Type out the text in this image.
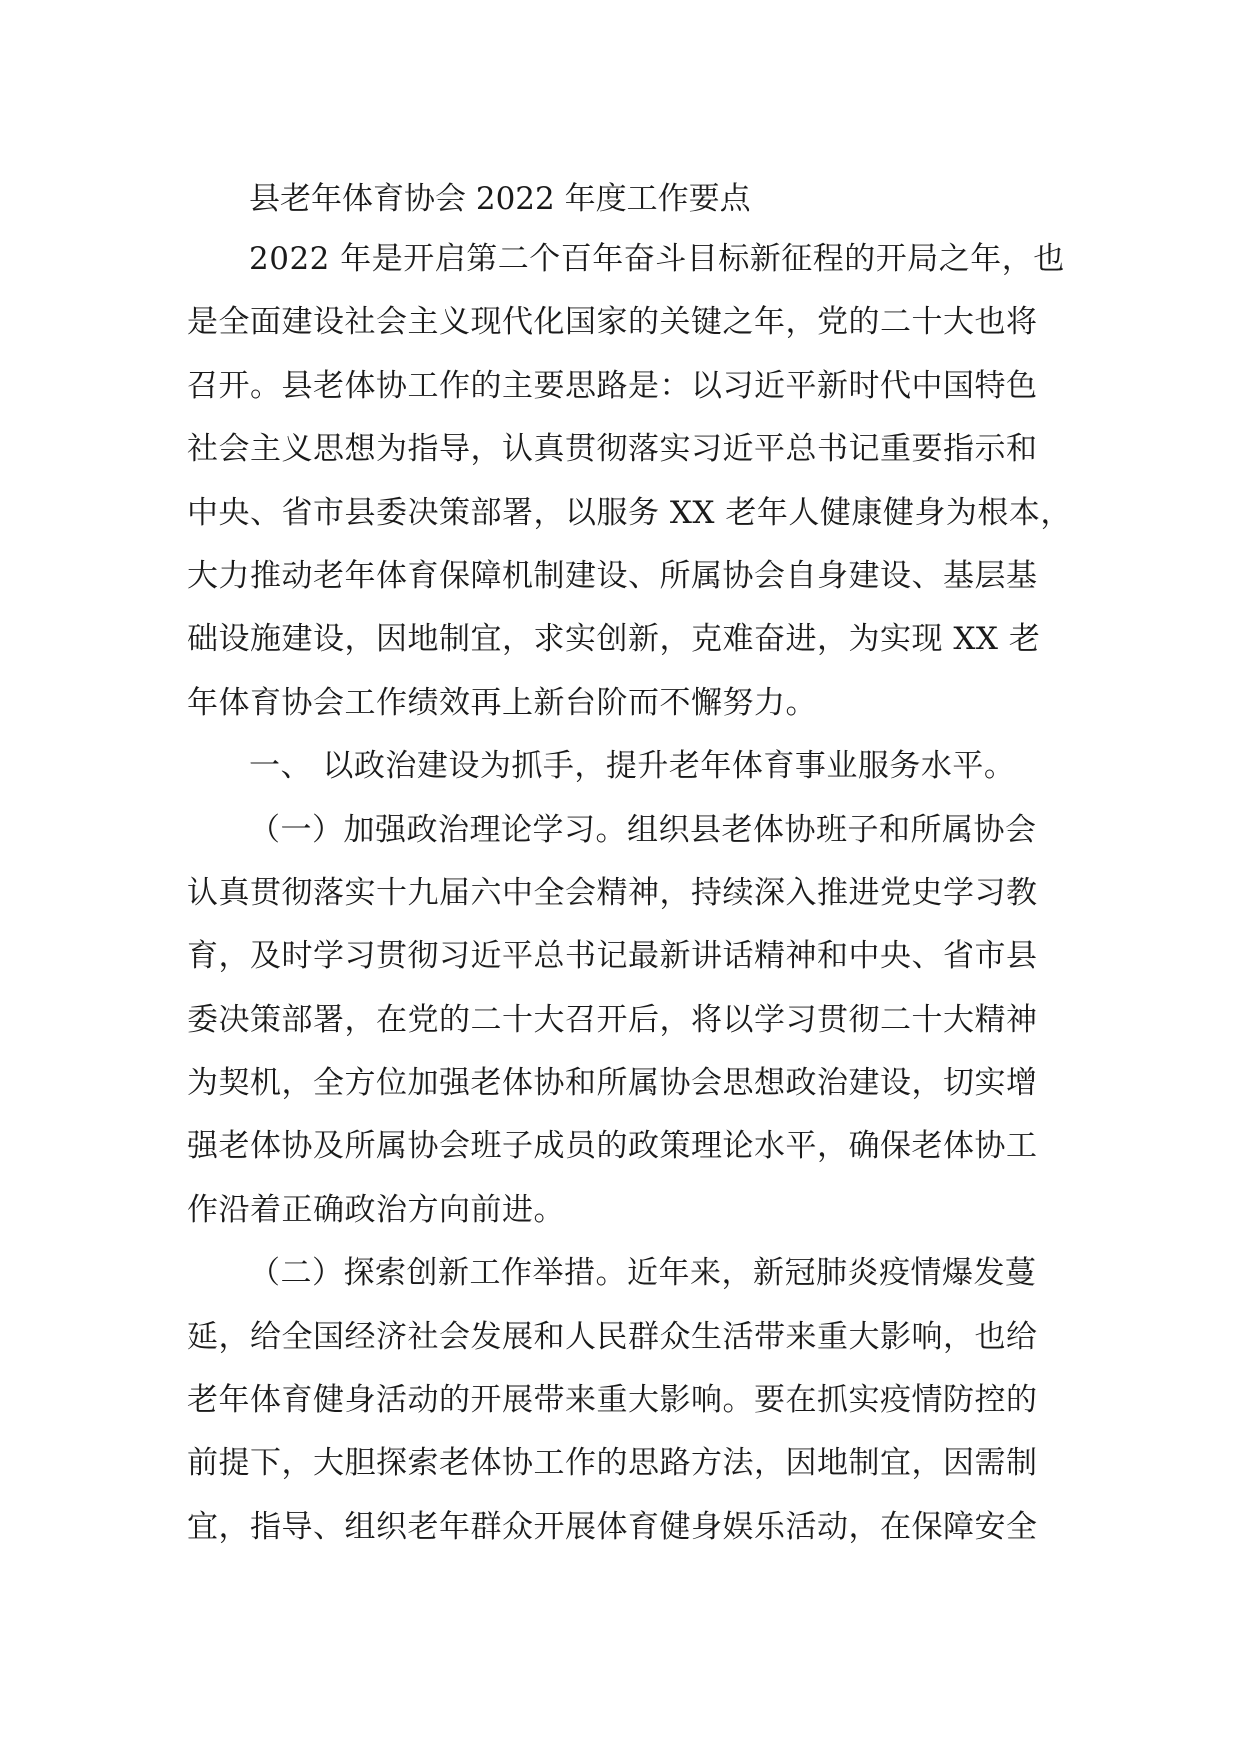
县老年体育协会 2022 年度工作要点
2022 年是开启第二个百年奋斗目标新征程的开局之年，也
是全面建设社会主义现代化国家的关键之年，党的二十大也将
召开。县老体协工作的主要思路是：以习近平新时代中国特色
社会主义思想为指导，认真贯彻落实习近平总书记重要指示和
中央、省市县委决策部署，以服务 XX 老年人健康健身为根本，
大力推动老年体育保障机制建设、所属协会自身建设、基层基
础设施建设，因地制宜，求实创新，克难奋进，为实现 XX 老
年体育协会工作绩效再上新台阶而不懈努力。
一、 以政治建设为抓手，提升老年体育事业服务水平。
（一）加强政治理论学习。组织县老体协班子和所属协会
认真贯彻落实十九届六中全会精神，持续深入推进党史学习教
育，及时学习贯彻习近平总书记最新讲话精神和中央、省市县
委决策部署，在党的二十大召开后，将以学习贯彻二十大精神
为契机，全方位加强老体协和所属协会思想政治建设，切实增
强老体协及所属协会班子成员的政策理论水平，确保老体协工
作沿着正确政治方向前进。
（二）探索创新工作举措。近年来，新冠肺炎疫情爆发蔓
延，给全国经济社会发展和人民群众生活带来重大影响，也给
老年体育健身活动的开展带来重大影响。要在抓实疫情防控的
前提下，大胆探索老体协工作的思路方法，因地制宜，因需制
宜，指导、组织老年群众开展体育健身娱乐活动，在保障安全
